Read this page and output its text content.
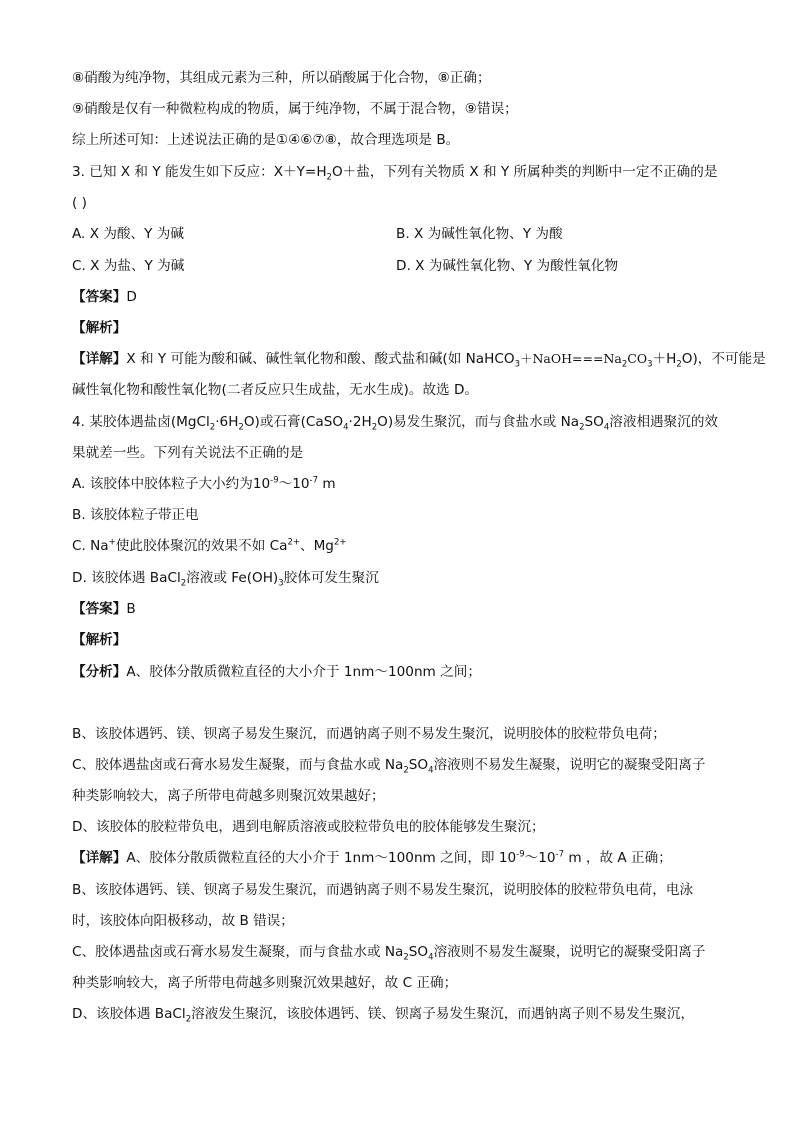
⑧硝酸为纯净物，其组成元素为三种，所以硝酸属于化合物，⑧正确；
⑨硝酸是仅有一种微粒构成的物质，属于纯净物，不属于混合物，⑨错误；
综上所述可知：上述说法正确的是①④⑥⑦⑧，故合理选项是 B。
3. 已知 X 和 Y 能发生如下反应：$X+Y=H_2O+$盐，下列有关物质 X 和 Y 所属种类的判断中一定不正确的是
( )
A. X 为酸、Y 为碱	B. X 为碱性氧化物、Y 为酸
C. X 为盐、Y 为碱	D. X 为碱性氧化物、Y 为酸性氧化物
【答案】D
【解析】
【详解】X 和 Y 可能为酸和碱、碱性氧化物和酸、酸式盐和碱(如 $NaHCO_3+NaOH===Na_2CO_3+H_2O$)，不可能是
碱性氧化物和酸性氧化物(二者反应只生成盐，无水生成)。故选 D。
4. 某胶体遇盐卤$(MgCl_2\cdot 6H_2O)$或石膏$(CaSO_4\cdot 2H_2O)$易发生聚沉，而与食盐水或 $Na_2SO_4$溶液相遇聚沉的效
果就差一些。下列有关说法不正确的是
A. 该胶体中胶体粒子大小约为$10^{-9}\sim 10^{-7}$ m
B. 该胶体粒子带正电
C. Na+使此胶体聚沉的效果不如 $Ca^{2+}$、$Mg^{2+}$
D. 该胶体遇 BaCl$_2$溶液或 $Fe(OH)_3$胶体可发生聚沉
【答案】B
【解析】
【分析】A、胶体分散质微粒直径的大小介于 1nm～100nm 之间；
B、该胶体遇钙、镁、钡离子易发生聚沉，而遇钠离子则不易发生聚沉，说明胶体的胶粒带负电荷；
C、胶体遇盐卤或石膏水易发生凝聚，而与食盐水或 $Na_2SO_4$溶液则不易发生凝聚，说明它的凝聚受阳离子
种类影响较大，离子所带电荷越多则聚沉效果越好；
D、该胶体的胶粒带负电，遇到电解质溶液或胶粒带负电的胶体能够发生聚沉；
【详解】A、胶体分散质微粒直径的大小介于 1nm～100nm 之间，即 $10^{-9}\sim 10^{-7}$ m ，故 A 正确；
B、该胶体遇钙、镁、钡离子易发生聚沉，而遇钠离子则不易发生聚沉，说明胶体的胶粒带负电荷，电泳
时，该胶体向阳极移动，故 B 错误；
C、胶体遇盐卤或石膏水易发生凝聚，而与食盐水或 $Na_2SO_4$溶液则不易发生凝聚，说明它的凝聚受阳离子
种类影响较大，离子所带电荷越多则聚沉效果越好，故 C 正确；
D、该胶体遇 BaCl$_2$溶液发生聚沉，该胶体遇钙、镁、钡离子易发生聚沉，而遇钠离子则不易发生聚沉，
